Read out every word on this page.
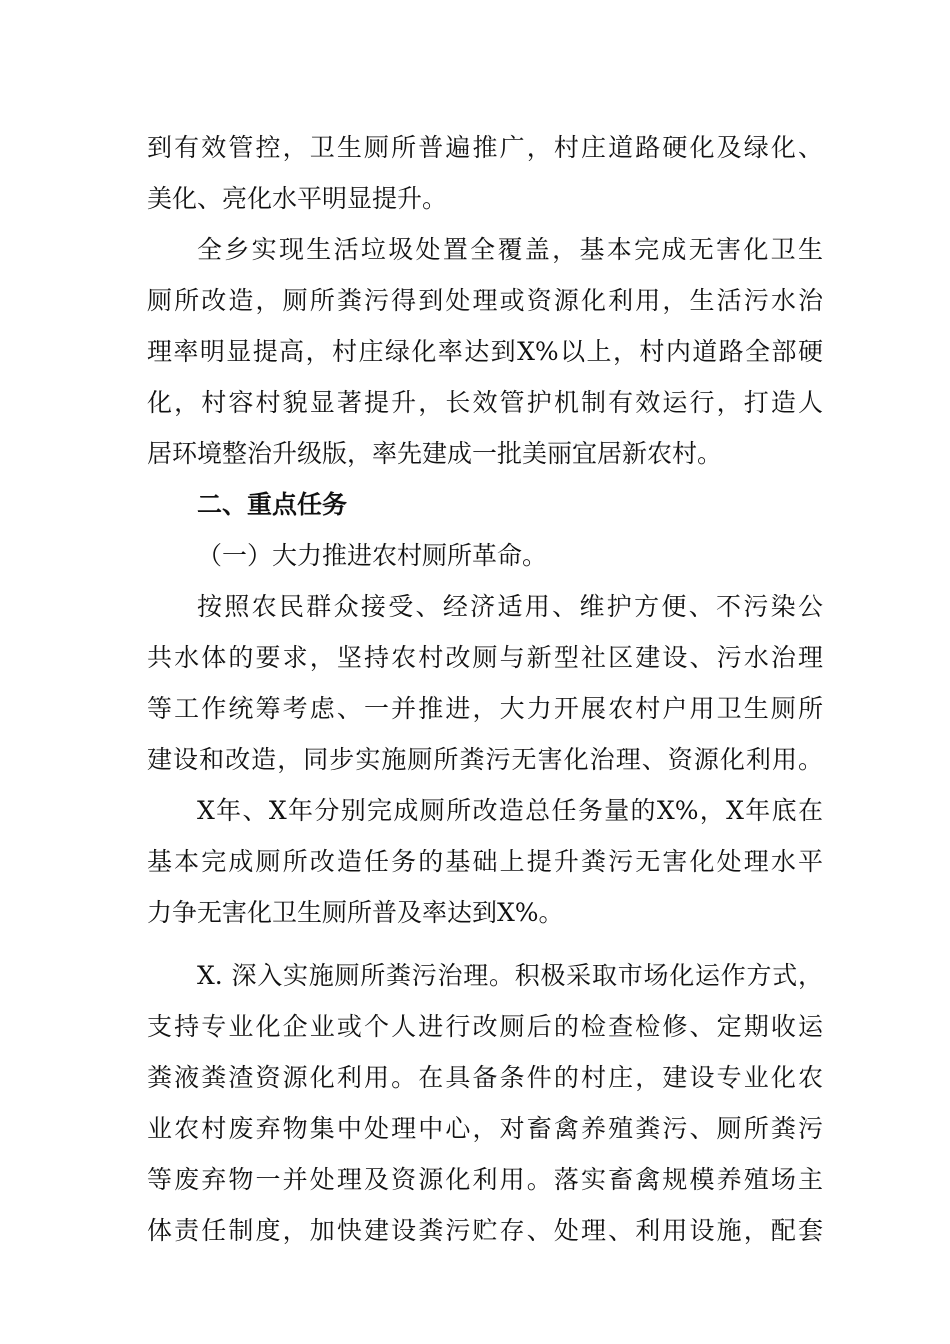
到有效管控，卫生厕所普遍推广，村庄道路硬化及绿化、
美化、亮化水平明显提升。
全乡实现生活垃圾处置全覆盖，基本完成无害化卫生
厕所改造，厕所粪污得到处理或资源化利用，生活污水治
理率明显提高，村庄绿化率达到X%以上，村内道路全部硬
化，村容村貌显著提升，长效管护机制有效运行，打造人
居环境整治升级版，率先建成一批美丽宜居新农村。
二、重点任务
（一）大力推进农村厕所革命。
按照农民群众接受、经济适用、维护方便、不污染公
共水体的要求，坚持农村改厕与新型社区建设、污水治理
等工作统筹考虑、一并推进，大力开展农村户用卫生厕所
建设和改造，同步实施厕所粪污无害化治理、资源化利用。
X年、X年分别完成厕所改造总任务量的X%，X年底在
基本完成厕所改造任务的基础上提升粪污无害化处理水平
力争无害化卫生厕所普及率达到X%。
X. 深入实施厕所粪污治理。积极采取市场化运作方式，
支持专业化企业或个人进行改厕后的检查检修、定期收运
粪液粪渣资源化利用。在具备条件的村庄，建设专业化农
业农村废弃物集中处理中心，对畜禽养殖粪污、厕所粪污
等废弃物一并处理及资源化利用。落实畜禽规模养殖场主
体责任制度，加快建设粪污贮存、处理、利用设施，配套
